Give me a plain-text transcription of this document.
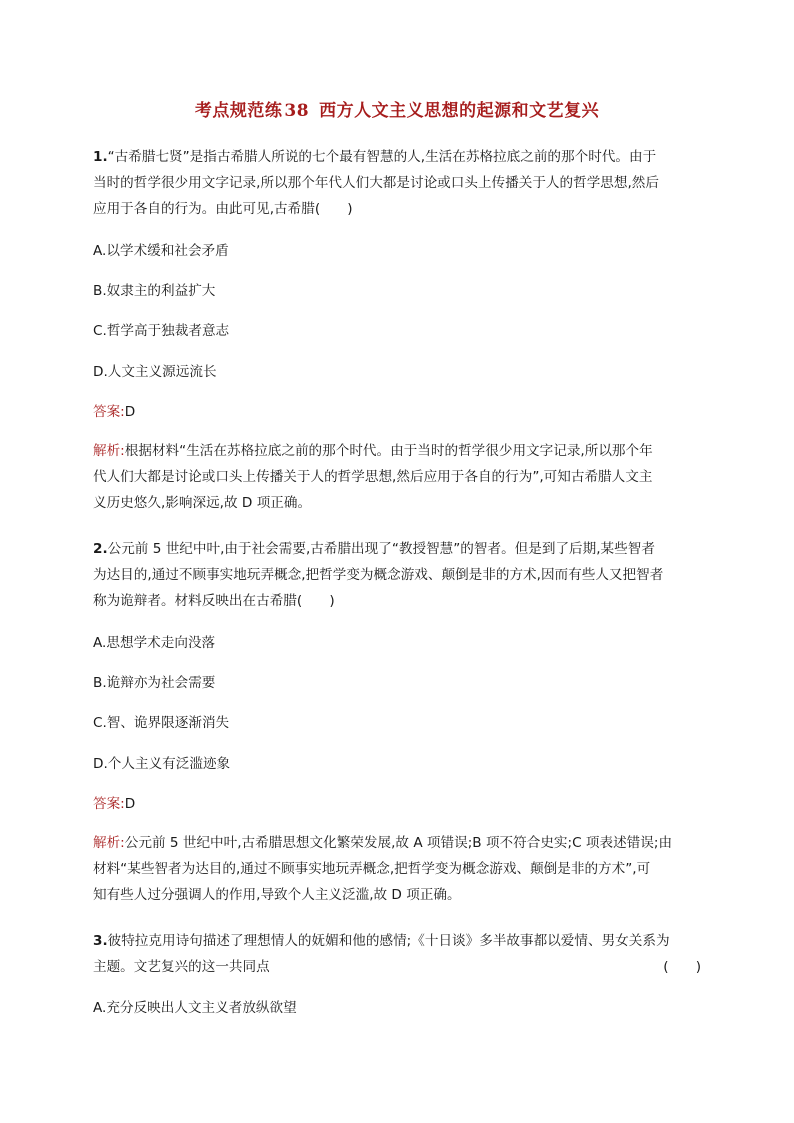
考点规范练 38 西方人文主义思想的起源和文艺复兴
1.“古希腊七贤”是指古希腊人所说的七个最有智慧的人,生活在苏格拉底之前的那个时代。由于
当时的哲学很少用文字记录,所以那个年代人们大都是讨论或口头上传播关于人的哲学思想,然后
应用于各自的行为。由此可见,古希腊(　　)
A.以学术缓和社会矛盾
B.奴隶主的利益扩大
C.哲学高于独裁者意志
D.人文主义源远流长
答案:D
解析:根据材料“生活在苏格拉底之前的那个时代。由于当时的哲学很少用文字记录,所以那个年
代人们大都是讨论或口头上传播关于人的哲学思想,然后应用于各自的行为”,可知古希腊人文主
义历史悠久,影响深远,故 D 项正确。
2.公元前 5 世纪中叶,由于社会需要,古希腊出现了“教授智慧”的智者。但是到了后期,某些智者
为达目的,通过不顾事实地玩弄概念,把哲学变为概念游戏、颠倒是非的方术,因而有些人又把智者
称为诡辩者。材料反映出在古希腊(　　)
A.思想学术走向没落
B.诡辩亦为社会需要
C.智、诡界限逐渐消失
D.个人主义有泛滥迹象
答案:D
解析:公元前 5 世纪中叶,古希腊思想文化繁荣发展,故 A 项错误;B 项不符合史实;C 项表述错误;由
材料“某些智者为达目的,通过不顾事实地玩弄概念,把哲学变为概念游戏、颠倒是非的方术”,可
知有些人过分强调人的作用,导致个人主义泛滥,故 D 项正确。
3.彼特拉克用诗句描述了理想情人的妩媚和他的感情;《十日谈》多半故事都以爱情、男女关系为
主题。文艺复兴的这一共同点	(　　)
A.充分反映出人文主义者放纵欲望
